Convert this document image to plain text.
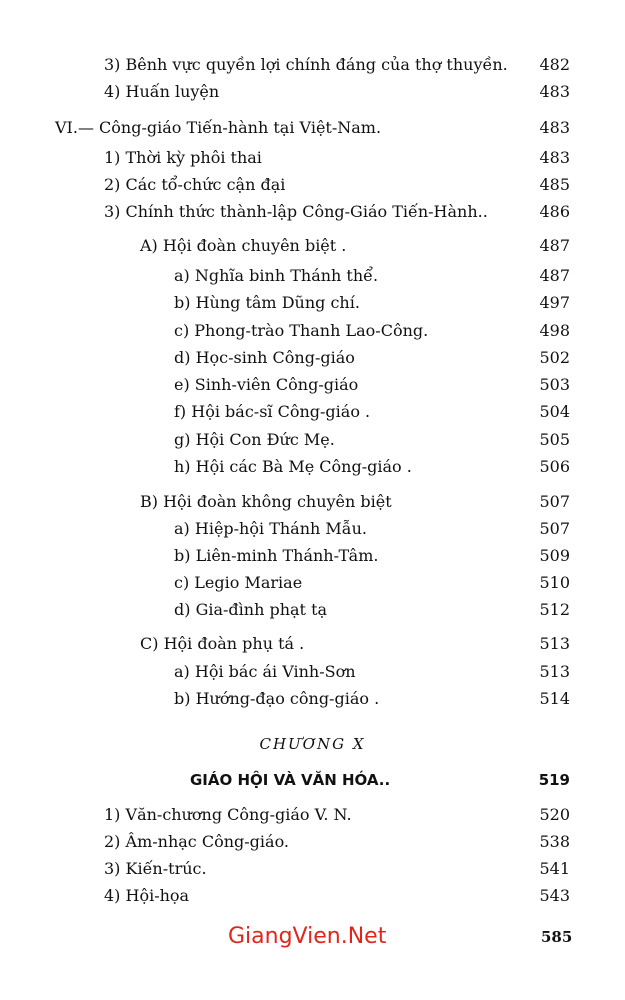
3) Bênh vực quyền lợi chính đáng của thợ thuyền.	482
4) Huấn luyện	483
VI.— Công-giáo Tiến-hành tại Việt-Nam.	483
1) Thời kỳ phôi thai	483
2) Các tổ-chức cận đại	485
3) Chính thức thành-lập Công-Giáo Tiến-Hành..	486
A) Hội đoàn chuyên biệt .	487
a) Nghĩa binh Thánh thể.	487
b) Hùng tâm Dũng chí.	497
c) Phong-trào Thanh Lao-Công.	498
d) Học-sinh Công-giáo	502
e) Sinh-viên Công-giáo	503
f) Hội bác-sĩ Công-giáo .	504
g) Hội Con Đức Mẹ.	505
h) Hội các Bà Mẹ Công-giáo .	506
B) Hội đoàn không chuyên biệt	507
a) Hiệp-hội Thánh Mẫu.	507
b) Liên-minh Thánh-Tâm.	509
c) Legio Mariae	510
d) Gia-đình phạt tạ	512
C) Hội đoàn phụ tá .	513
a) Hội bác ái Vinh-Sơn	513
b) Hướng-đạo công-giáo .	514
CHƯƠNG X
GIÁO HỘI VÀ VĂN HÓA..	519
1) Văn-chương Công-giáo V. N.	520
2) Âm-nhạc Công-giáo.	538
3) Kiến-trúc.	541
4) Hội-họa	543
GiangVien.Net	585
